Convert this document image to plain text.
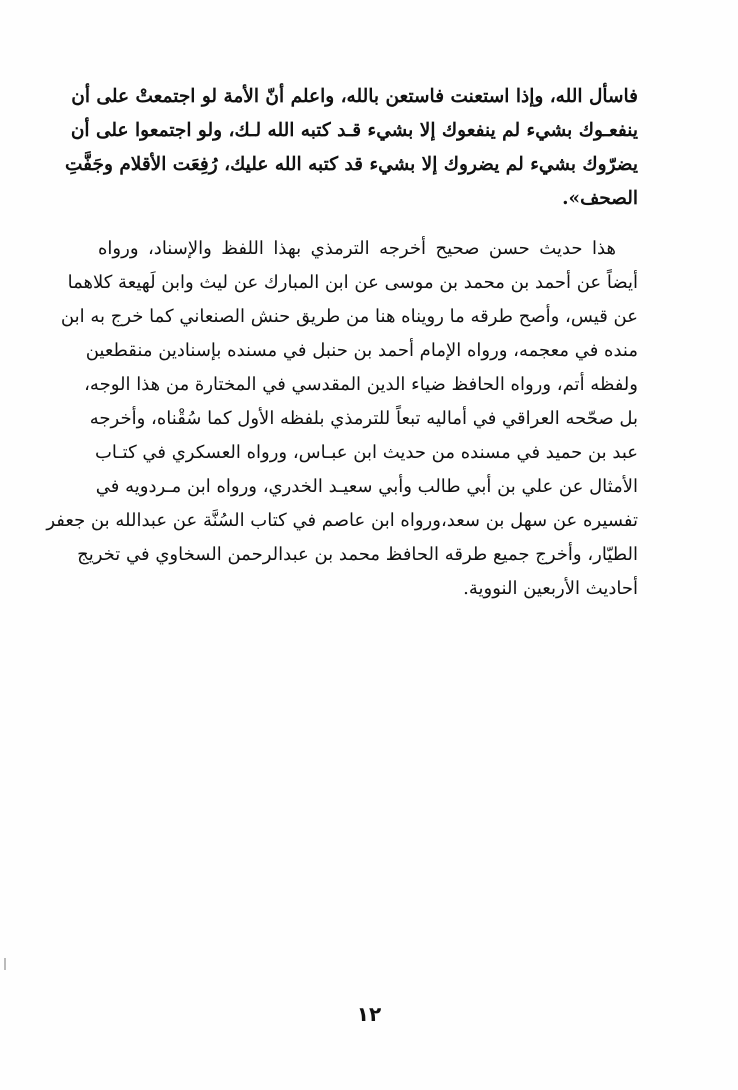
فاسأل الله، وإذا استعنت فاستعن بالله، واعلم أنّ الأمة لو اجتمعتْ على أن
ينفعـوك بشيء لم ينفعوك إلا بشيء قـد كتبه الله لـك، ولو اجتمعوا على أن
يضرّوك بشيء لم يضروك إلا بشيء قد كتبه الله عليك، رُفِعَت الأقلام وجَفَّتِ
الصحف».
هذا حديث حسن صحيح أخرجه الترمذي بهذا اللفظ والإسناد، ورواه
أيضاً عن أحمد بن محمد بن موسى عن ابن المبارك عن ليث وابن لَهيعة كلاهما
عن قيس، وأصح طرقه ما رويناه هنا من طريق حنش الصنعاني كما خرج به ابن
منده في معجمه، ورواه الإمام أحمد بن حنبل في مسنده بإسنادين منقطعين
ولفظه أتم، ورواه الحافظ ضياء الدين المقدسي في المختارة من هذا الوجه،
بل صحّحه العراقي في أماليه تبعاً للترمذي بلفظه الأول كما سُقْناه، وأخرجه
عبد بن حميد في مسنده من حديث ابن عبـاس، ورواه العسكري في كتـاب
الأمثال عن علي بن أبي طالب وأبي سعيـد الخدري، ورواه ابن مـردويه في
تفسيره عن سهل بن سعد،ورواه ابن عاصم في كتاب السُنَّة عن عبدالله بن جعفر
الطيّار، وأخرج جميع طرقه الحافظ محمد بن عبدالرحمن السخاوي في تخريج
أحاديث الأربعين النووية.
١٢
